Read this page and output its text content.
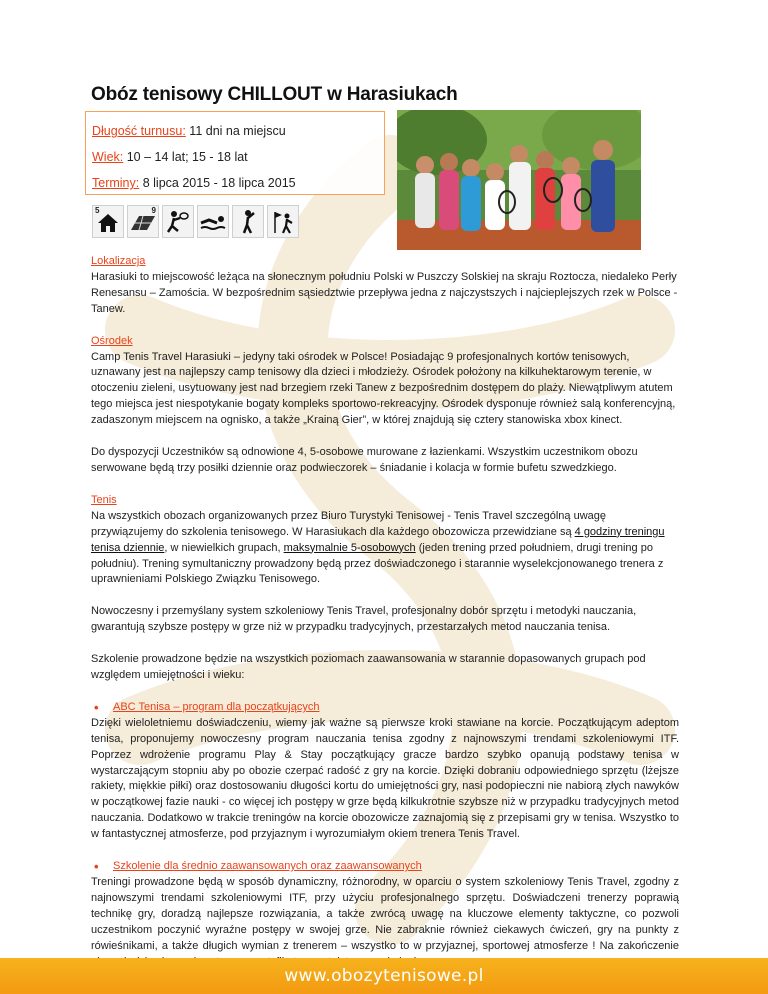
Obóz tenisowy CHILLOUT w Harasiukach
Długość turnusu: 11 dni na miejscu
Wiek: 10 – 14 lat; 15 - 18 lat
Terminy: 8 lipca 2015 - 18 lipca 2015
5	9
Lokalizacja
Harasiuki to miejscowość leżąca na słonecznym południu Polski w Puszczy Solskiej na skraju Roztocza, niedaleko Perły Renesansu – Zamościa. W bezpośrednim sąsiedztwie przepływa jedna z najczystszych i najcieplejszych rzek w Polsce - Tanew.
Ośrodek
Camp Tenis Travel Harasiuki – jedyny taki ośrodek w Polsce! Posiadając 9 profesjonalnych kortów tenisowych, uznawany jest na najlepszy camp tenisowy dla dzieci i młodzieży. Ośrodek położony na kilkuhektarowym terenie, w otoczeniu zieleni, usytuowany jest nad brzegiem rzeki Tanew z bezpośrednim dostępem do plaży. Niewątpliwym atutem tego miejsca jest niespotykanie bogaty kompleks sportowo-rekreacyjny. Ośrodek dysponuje również salą konferencyjną, zadaszonym miejscem na ognisko, a także „Krainą Gier”, w której znajdują się cztery stanowiska xbox kinect.
Do dyspozycji Uczestników są odnowione 4, 5-osobowe murowane z łazienkami. Wszystkim uczestnikom obozu serwowane będą trzy posiłki dziennie oraz podwieczorek – śniadanie i kolacja w formie bufetu szwedzkiego.
Tenis
Na wszystkich obozach organizowanych przez Biuro Turystyki Tenisowej - Tenis Travel szczególną uwagę przywiązujemy do szkolenia tenisowego. W Harasiukach dla każdego obozowicza przewidziane są 4 godziny treningu tenisa dziennie, w niewielkich grupach, maksymalnie 5-osobowych (jeden trening przed południem, drugi trening po południu). Trening symultaniczny prowadzony będą przez doświadczonego i starannie wyselekcjonowanego trenera z uprawnieniami Polskiego Związku Tenisowego.
Nowoczesny i przemyślany system szkoleniowy Tenis Travel, profesjonalny dobór sprzętu i metodyki nauczania, gwarantują szybsze postępy w grze niż w przypadku tradycyjnych, przestarzałych metod nauczania tenisa.
Szkolenie prowadzone będzie na wszystkich poziomach zaawansowania w starannie dopasowanych grupach pod względem umiejętności i wieku:
• ABC Tenisa – program dla początkujących
Dzięki wieloletniemu doświadczeniu, wiemy jak ważne są pierwsze kroki stawiane na korcie. Początkującym adeptom tenisa, proponujemy nowoczesny program nauczania tenisa zgodny z najnowszymi trendami szkoleniowymi ITF. Poprzez wdrożenie programu Play & Stay początkujący gracze bardzo szybko opanują podstawy tenisa w wystarczającym stopniu aby po obozie czerpać radość z gry na korcie. Dzięki dobraniu odpowiedniego sprzętu (lżejsze rakiety, miękkie piłki) oraz dostosowaniu długości kortu do umiejętności gry, nasi podopieczni nie nabiorą złych nawyków w początkowej fazie nauki - co więcej ich postępy w grze będą kilkukrotnie szybsze niż w przypadku tradycyjnych metod nauczania. Dodatkowo w trakcie treningów na korcie obozowicze zaznajomią się z przepisami gry w tenisa. Wszystko to w fantastycznej atmosferze, pod przyjaznym i wyrozumiałym okiem trenera Tenis Travel.
• Szkolenie dla średnio zaawansowanych oraz zaawansowanych
Treningi prowadzone będą w sposób dynamiczny, różnorodny, w oparciu o system szkoleniowy Tenis Travel, zgodny z najnowszymi trendami szkoleniowymi ITF, przy użyciu profesjonalnego sprzętu. Doświadczeni trenerzy poprawią technikę gry, doradzą najlepsze rozwiązania, a także zwrócą uwagę na kluczowe elementy taktyczne, co pozwoli uczestnikom poczynić wyraźne postępy w swojej grze. Nie zabraknie również ciekawych ćwiczeń, gry na punkty z rówieśnikami, a także długich wymian z trenerem – wszystko to w przyjaznej, sportowej atmosferze ! Na zakończenie
www.obozytenisowe.pl
